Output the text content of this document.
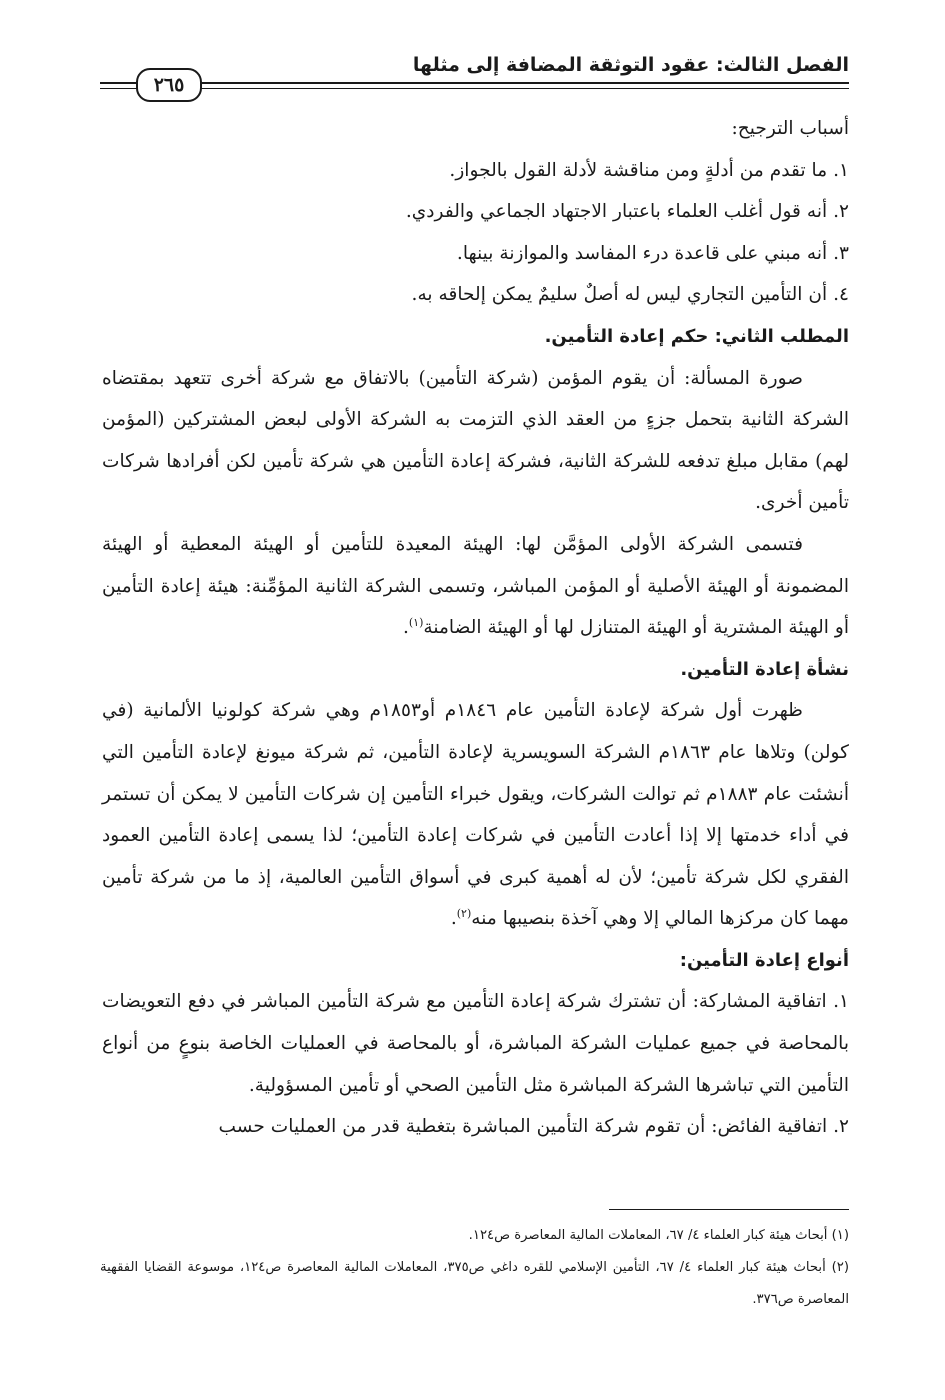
الفصل الثالث: عقود التوثقة المضافة إلى مثلها
٢٦٥

أسباب الترجيح:

١. ما تقدم من أدلةٍ ومن مناقشة لأدلة القول بالجواز.

٢. أنه قول أغلب العلماء باعتبار الاجتهاد الجماعي والفردي.

٣. أنه مبني على قاعدة درء المفاسد والموازنة بينها.

٤. أن التأمين التجاري ليس له أصلٌ سليمٌ يمكن إلحاقه به.

المطلب الثاني: حكم إعادة التأمين.

صورة المسألة: أن يقوم المؤمن (شركة التأمين) بالاتفاق مع شركة أخرى تتعهد بمقتضاه الشركة الثانية بتحمل جزءٍ من العقد الذي التزمت به الشركة الأولى لبعض المشتركين (المؤمن لهم) مقابل مبلغ تدفعه للشركة الثانية، فشركة إعادة التأمين هي شركة تأمين لكن أفرادها شركات تأمين أخرى.

فتسمى الشركة الأولى المؤمَّن لها: الهيئة المعيدة للتأمين أو الهيئة المعطية أو الهيئة المضمونة أو الهيئة الأصلية أو المؤمن المباشر، وتسمى الشركة الثانية المؤمِّنة: هيئة إعادة التأمين أو الهيئة المشترية أو الهيئة المتنازل لها أو الهيئة الضامنة$^{(١)}$.

نشأة إعادة التأمين.

ظهرت أول شركة لإعادة التأمين عام ١٨٤٦م أو١٨٥٣م وهي شركة كولونيا الألمانية (في كولن) وتلاها عام ١٨٦٣م الشركة السويسرية لإعادة التأمين، ثم شركة ميونغ لإعادة التأمين التي أنشئت عام ١٨٨٣م ثم توالت الشركات، ويقول خبراء التأمين إن شركات التأمين لا يمكن أن تستمر في أداء خدمتها إلا إذا أعادت التأمين في شركات إعادة التأمين؛ لذا يسمى إعادة التأمين العمود الفقري لكل شركة تأمين؛ لأن له أهمية كبرى في أسواق التأمين العالمية، إذ ما من شركة تأمين مهما كان مركزها المالي إلا وهي آخذة بنصيبها منه$^{(٢)}$.

أنواع إعادة التأمين:

١. اتفاقية المشاركة: أن تشترك شركة إعادة التأمين مع شركة التأمين المباشر في دفع التعويضات بالمحاصة في جميع عمليات الشركة المباشرة، أو بالمحاصة في العمليات الخاصة بنوعٍ من أنواع التأمين التي تباشرها الشركة المباشرة مثل التأمين الصحي أو تأمين المسؤولية.

٢. اتفاقية الفائض: أن تقوم شركة التأمين المباشرة بتغطية قدر من العمليات حسب

(١) أبحاث هيئة كبار العلماء ٤/ ٦٧، المعاملات المالية المعاصرة ص١٢٤.

(٢) أبحاث هيئة كبار العلماء ٤/ ٦٧، التأمين الإسلامي للقره داغي ص٣٧٥، المعاملات المالية المعاصرة ص١٢٤، موسوعة القضايا الفقهية المعاصرة ص٣٧٦.
